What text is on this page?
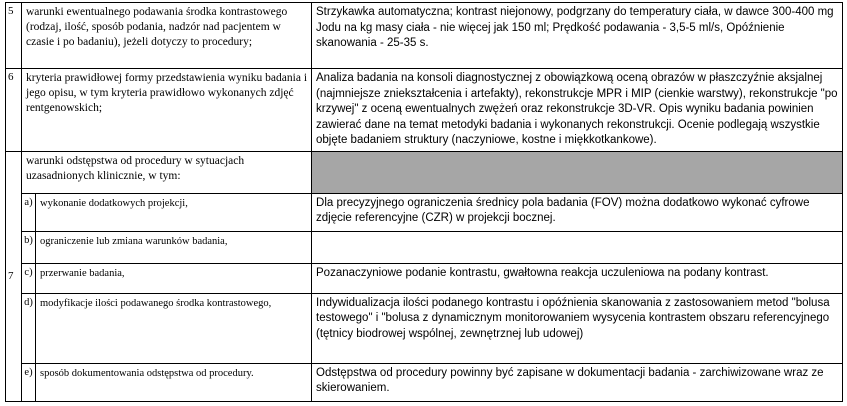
5	warunki ewentualnego podawania środka kontrastowego (rodzaj, ilość, sposób podania, nadzór nad pacjentem w czasie i po badaniu), jeżeli dotyczy to procedury;		Strzykawka automatyczna; kontrast niejonowy, podgrzany do temperatury ciała, w dawce 300-400 mg Jodu na kg masy ciała - nie więcej jak 150 ml; Prędkość podawania - 3,5-5 ml/s, Opóźnienie skanowania - 25-35 s.
6	kryteria prawidłowej formy przedstawienia wyniku badania i jego opisu, w tym kryteria prawidłowo wykonanych zdjęć rentgenowskich;		Analiza badania na konsoli diagnostycznej z obowiązkową oceną obrazów w płaszczyźnie aksjalnej (najmniejsze zniekształcenia i artefakty), rekonstrukcje MPR i MIP (cienkie warstwy), rekonstrukcje "po krzywej" z oceną ewentualnych zwężeń oraz rekonstrukcje 3D-VR. Opis wyniku badania powinien zawierać dane na temat metodyki badania i wykonanych rekonstrukcji. Ocenie podlegają wszystkie objęte badaniem struktury (naczyniowe, kostne i miękkotkankowe).
7	warunki odstępstwa od procedury w sytuacjach uzasadnionych klinicznie, w tym:		
	a)	wykonanie dodatkowych projekcji,	Dla precyzyjnego ograniczenia średnicy pola badania (FOV) można dodatkowo wykonać cyfrowe zdjęcie referencyjne (CZR) w projekcji bocznej.
	b)	ograniczenie lub zmiana warunków badania,	
	c)	przerwanie badania,	Pozanaczyniowe podanie kontrastu, gwałtowna reakcja uczuleniowa na podany kontrast.
	d)	modyfikacje ilości podawanego środka kontrastowego,	Indywidualizacja ilości podanego kontrastu i opóźnienia skanowania z zastosowaniem metod "bolusa testowego" i "bolusa z dynamicznym monitorowaniem wysycenia kontrastem obszaru referencyjnego (tętnicy biodrowej wspólnej, zewnętrznej lub udowej)
	e)	sposób dokumentowania odstępstwa od procedury.	Odstępstwa od procedury powinny być zapisane w dokumentacji badania - zarchiwizowane wraz ze skierowaniem.
